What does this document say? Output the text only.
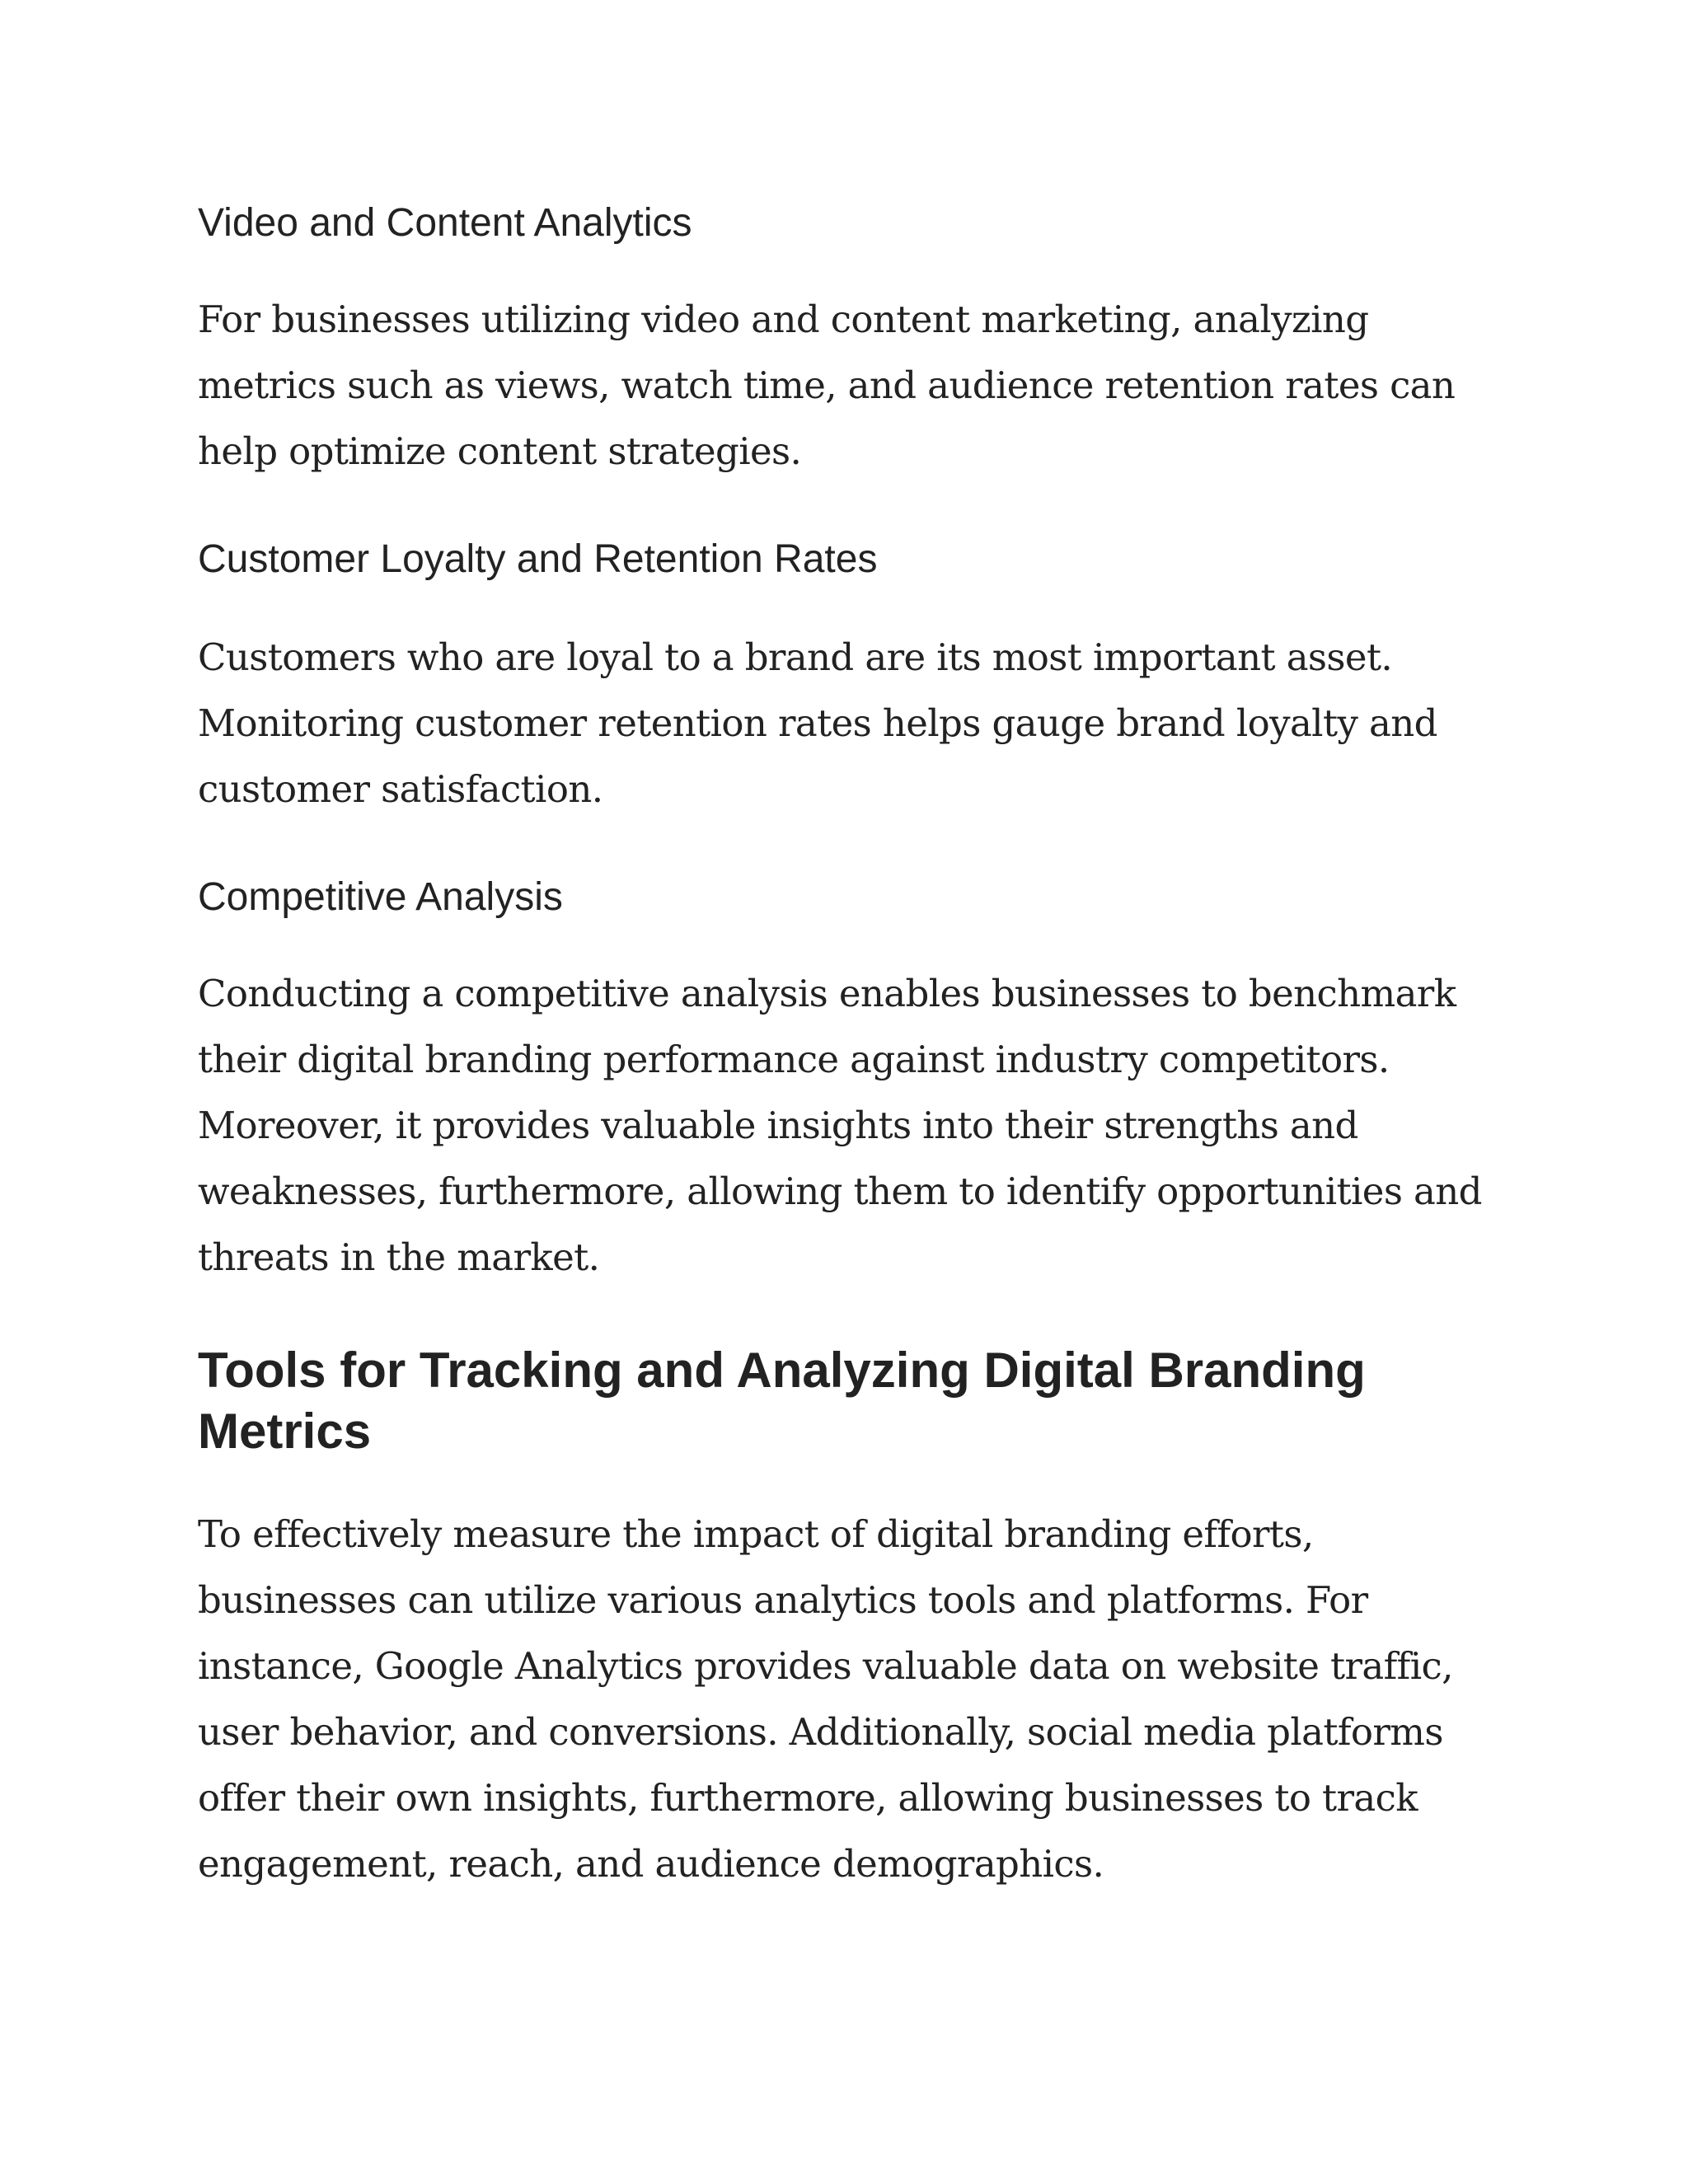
Video and Content Analytics

For businesses utilizing video and content marketing, analyzing metrics such as views, watch time, and audience retention rates can help optimize content strategies.

Customer Loyalty and Retention Rates

Customers who are loyal to a brand are its most important asset. Monitoring customer retention rates helps gauge brand loyalty and customer satisfaction.

Competitive Analysis

Conducting a competitive analysis enables businesses to benchmark their digital branding performance against industry competitors. Moreover, it provides valuable insights into their strengths and weaknesses, furthermore, allowing them to identify opportunities and threats in the market.

Tools for Tracking and Analyzing Digital Branding Metrics

To effectively measure the impact of digital branding efforts, businesses can utilize various analytics tools and platforms. For instance, Google Analytics provides valuable data on website traffic, user behavior, and conversions. Additionally, social media platforms offer their own insights, furthermore, allowing businesses to track engagement, reach, and audience demographics.
